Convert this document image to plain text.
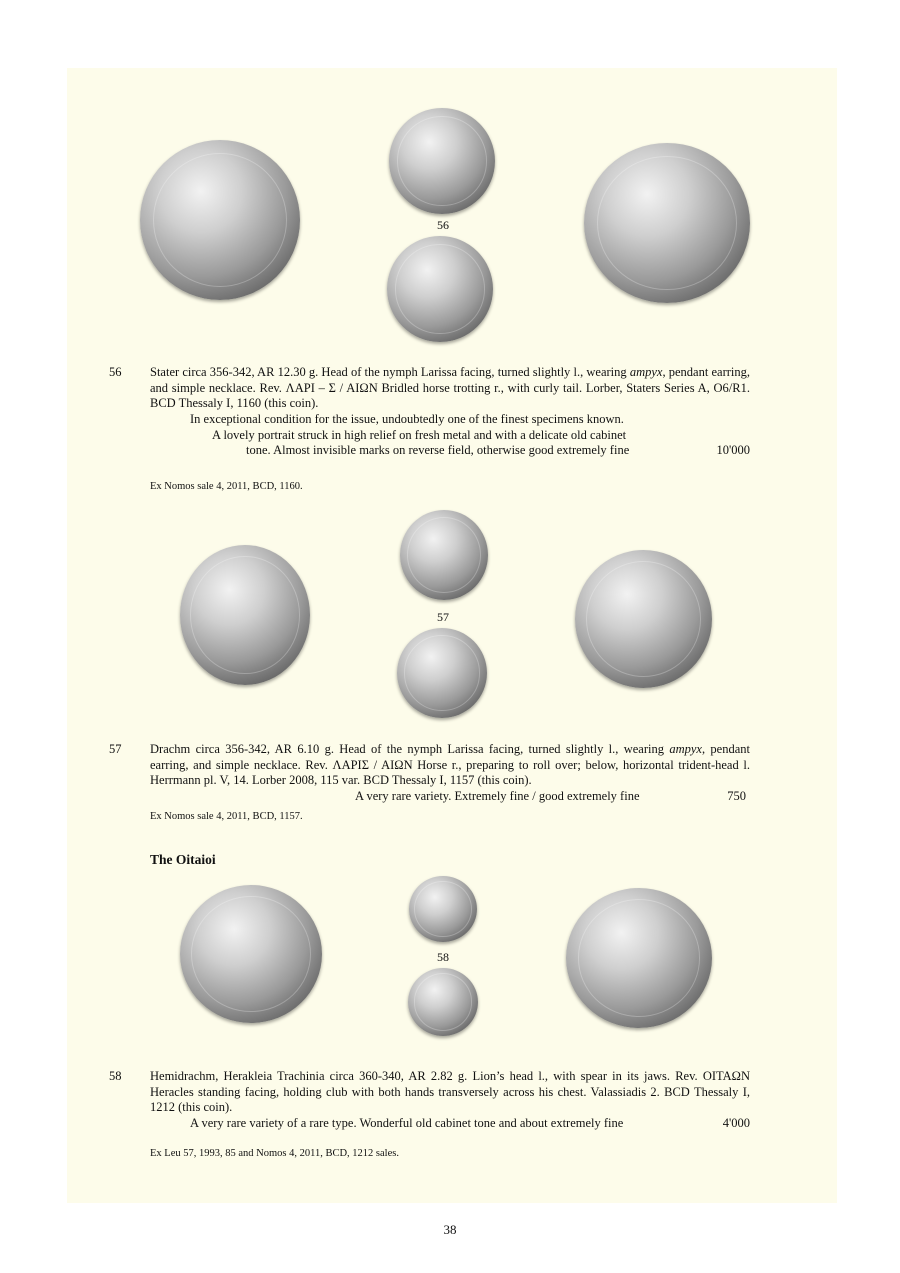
56
56 Stater circa 356-342, AR 12.30 g. Head of the nymph Larissa facing, turned slightly l., wearing ampyx, pendant earring, and simple necklace. Rev. ΛΑΡΙ – Σ / ΑΙΩΝ Bridled horse trotting r., with curly tail. Lorber, Staters Series A, O6/R1. BCD Thessaly I, 1160 (this coin).
In exceptional condition for the issue, undoubtedly one of the finest specimens known.
A lovely portrait struck in high relief on fresh metal and with a delicate old cabinet
tone. Almost invisible marks on reverse field, otherwise good extremely fine	10'000
Ex Nomos sale 4, 2011, BCD, 1160.
57
57 Drachm circa 356-342, AR 6.10 g. Head of the nymph Larissa facing, turned slightly l., wearing ampyx, pendant earring, and simple necklace. Rev. ΛΑΡΙΣ / ΑΙΩΝ Horse r., preparing to roll over; below, horizontal trident-head l. Herrmann pl. V, 14. Lorber 2008, 115 var. BCD Thessaly I, 1157 (this coin).
A very rare variety. Extremely fine / good extremely fine	750
Ex Nomos sale 4, 2011, BCD, 1157.
The Oitaioi
58
58 Hemidrachm, Herakleia Trachinia circa 360-340, AR 2.82 g. Lion’s head l., with spear in its jaws. Rev. ΟΙΤΑΩΝ Heracles standing facing, holding club with both hands transversely across his chest. Valassiadis 2. BCD Thessaly I, 1212 (this coin).
A very rare variety of a rare type. Wonderful old cabinet tone and about extremely fine	4'000
Ex Leu 57, 1993, 85 and Nomos 4, 2011, BCD, 1212 sales.
38
